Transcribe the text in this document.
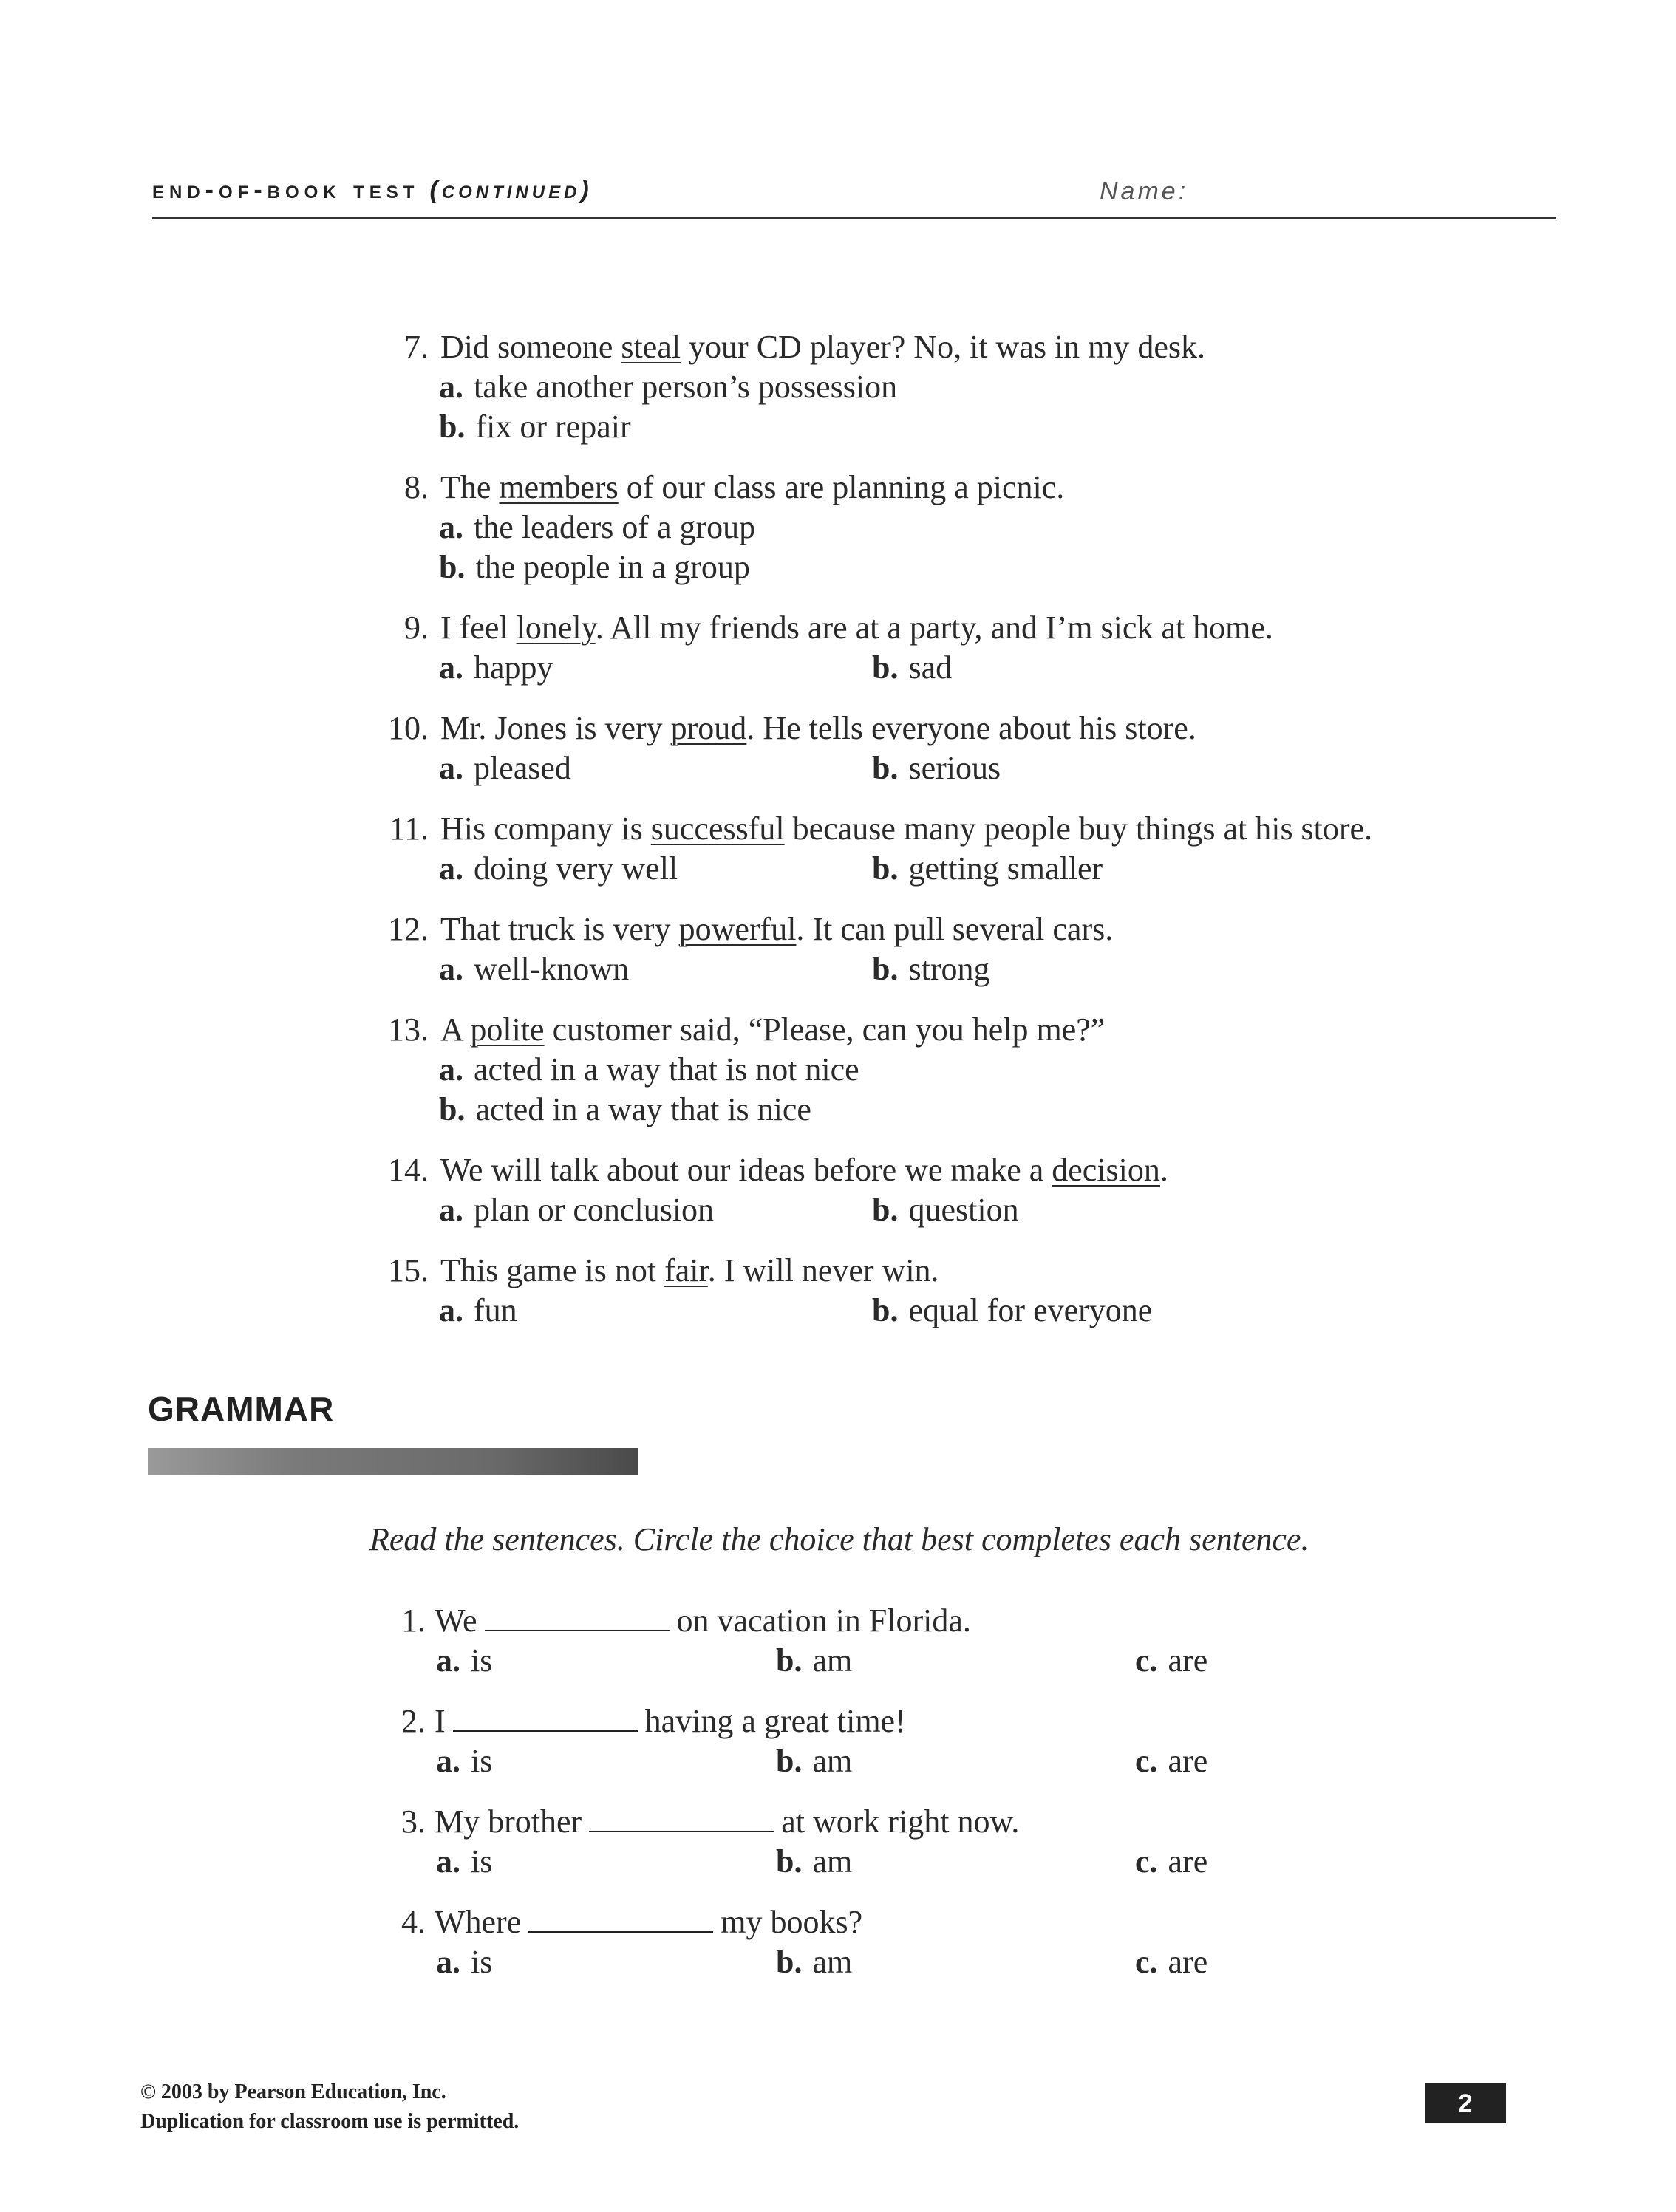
end-of-book test (continued)	Name:
7. Did someone steal your CD player? No, it was in my desk.
a. take another person’s possession
b. fix or repair
8. The members of our class are planning a picnic.
a. the leaders of a group
b. the people in a group
9. I feel lonely. All my friends are at a party, and I’m sick at home.
a. happy	b. sad
10. Mr. Jones is very proud. He tells everyone about his store.
a. pleased	b. serious
11. His company is successful because many people buy things at his store.
a. doing very well	b. getting smaller
12. That truck is very powerful. It can pull several cars.
a. well-known	b. strong
13. A polite customer said, “Please, can you help me?”
a. acted in a way that is not nice
b. acted in a way that is nice
14. We will talk about our ideas before we make a decision.
a. plan or conclusion	b. question
15. This game is not fair. I will never win.
a. fun	b. equal for everyone
GRAMMAR
Read the sentences. Circle the choice that best completes each sentence.
1. We	on vacation in Florida.
a. is	b. am	c. are
2. I	having a great time!
a. is	b. am	c. are
3. My brother	at work right now.
a. is	b. am	c. are
4. Where	my books?
a. is	b. am	c. are
© 2003 by Pearson Education, Inc.
Duplication for classroom use is permitted.
2
